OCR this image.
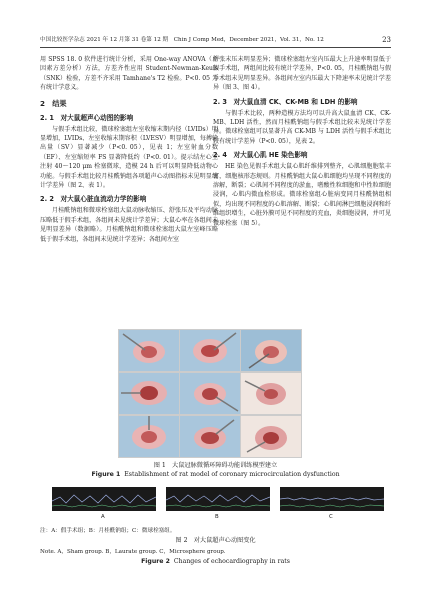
中国比较医学杂志 2021 年 12 月第 31 卷第 12 期　Chin J Comp Med，December 2021，Vol. 31，No. 12	23

用 SPSS 18. 0 软件进行统计分析，采用 One-way ANOVA（单因素方差分析）方法，方差齐性应用 Student-Newman-Keuls（SNK）检验，方差不齐采用 Tamhane's T2 检验。P<0. 05 为有统计学意义。

2　结果
2. 1　对大鼠超声心动图的影响

与假手术组比较，微球栓塞组左室收缩末期内径（LVIDs）明显增加，LVIDs、左室收缩末期容积（LVESV）明显增加，每搏输出量（SV）显著减少（P<0. 05），见表 1；左室射血分数（EF）、左室缩短率 FS 显著降低约（P<0. 01）。提示结左心室注射 40～120 μm 栓塞微球，造模 24 h 后可以明显降低动物心功能。与假手术组比较月桂酰钠组各项超声心动图指标未见明显统计学差异（图 2、表 1）。

2. 2　对大鼠心脏血流动力学的影响

月桂酰钠组和微球栓塞组大鼠动脉收缩压、舒张压及平均动脉压略低于假手术组，各组间未见统计学差异；大鼠心率在各组间未见明显差异（数据略）。月桂酰钠组和微球栓塞组大鼠左室峰压略低于假手术组，各组间未见统计学差异；各组间左室

舒张末压未明显差异；微球栓塞组左室内压最大上升速率明显低于假手术组，两组间比较有统计学差异，P<0. 05，月桂酰钠组与假手术组未见明显差异。各组间左室内压最大下降速率未见统计学差异（图 3、图 4）。

2. 3　对大鼠血清 CK、CK-MB 和 LDH 的影响

与假手术比较，两种造模方法均可以升高大鼠血清 CK、CK-MB、LDH 活性，然而月桂酰钠组与假手术组比较未见统计学差异。微球栓塞组可以显著升高 CK-MB 与 LDH 活性与假手术组比较有统计学差异（P<0. 05），见表 2。

2. 4　对大鼠心肌 HE 染色影响

HE 染色见假手术组大鼠心肌纤维排列整齐，心肌细胞胞浆丰富，细胞核形态规则。月桂酰钠组大鼠心肌细胞均呈现不同程度的溶解，断裂；心肌间不同程度的淤血，嗜酸性粒细胞和中性粒细胞浸润，心肌内微血栓形成。微球栓塞组心脏病变同月桂酰钠组相似，均出现不同程度的心肌溶解、断裂；心肌间淋巴细胞浸润和纤维组织增生，心脏外膜可见不同程度的充血，炎细胞浸润，并可见微球栓塞（图 5）。

图 1　大鼠冠脉微循环障碍功能训练模型建立
Figure 1 Establishment of rat model of coronary microcirculation dysfunction
A	B	C
注：A：假手术组；B：月桂酰钠组；C：微球栓塞组。
图 2　对大鼠超声心动图变化
Note. A，Sham group. B，Laurate group. C，Microsphere group.
Figure 2 Changes of echocardiography in rats
